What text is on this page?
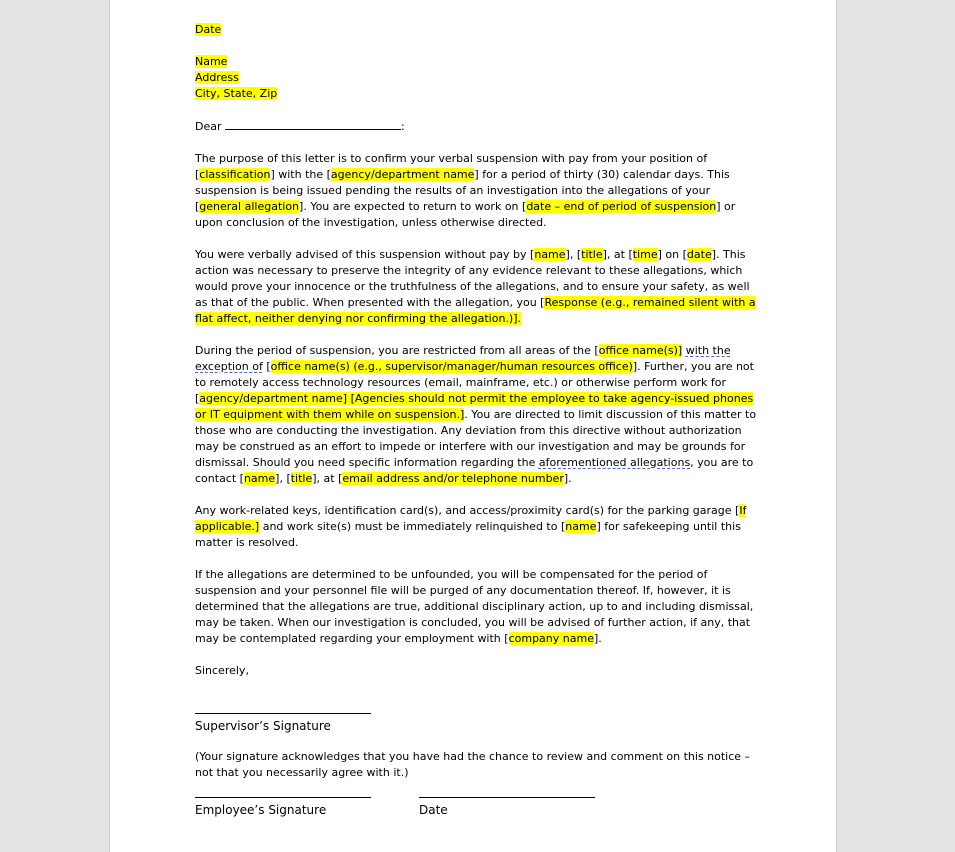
Date

Name
Address
City, State, Zip

Dear	:

The purpose of this letter is to confirm your verbal suspension with pay from your position of [classification] with the [agency/department name] for a period of thirty (30) calendar days. This suspension is being issued pending the results of an investigation into the allegations of your [general allegation]. You are expected to return to work on [date – end of period of suspension] or upon conclusion of the investigation, unless otherwise directed.

You were verbally advised of this suspension without pay by [name], [title], at [time] on [date]. This action was necessary to preserve the integrity of any evidence relevant to these allegations, which would prove your innocence or the truthfulness of the allegations, and to ensure your safety, as well as that of the public. When presented with the allegation, you [Response (e.g., remained silent with a flat affect, neither denying nor confirming the allegation.)].

During the period of suspension, you are restricted from all areas of the [office name(s)] with the exception of [office name(s) (e.g., supervisor/manager/human resources office)]. Further, you are not to remotely access technology resources (email, mainframe, etc.) or otherwise perform work for [agency/department name] [Agencies should not permit the employee to take agency-issued phones or IT equipment with them while on suspension.]. You are directed to limit discussion of this matter to those who are conducting the investigation. Any deviation from this directive without authorization may be construed as an effort to impede or interfere with our investigation and may be grounds for dismissal. Should you need specific information regarding the aforementioned allegations, you are to contact [name], [title], at [email address and/or telephone number].

Any work-related keys, identification card(s), and access/proximity card(s) for the parking garage [If applicable.] and work site(s) must be immediately relinquished to [name] for safekeeping until this matter is resolved.

If the allegations are determined to be unfounded, you will be compensated for the period of suspension and your personnel file will be purged of any documentation thereof. If, however, it is determined that the allegations are true, additional disciplinary action, up to and including dismissal, may be taken. When our investigation is concluded, you will be advised of further action, if any, that may be contemplated regarding your employment with [company name].

Sincerely,

Supervisor’s Signature
(Your signature acknowledges that you have had the chance to review and comment on this notice – not that you necessarily agree with it.)
Employee’s Signature	Date
